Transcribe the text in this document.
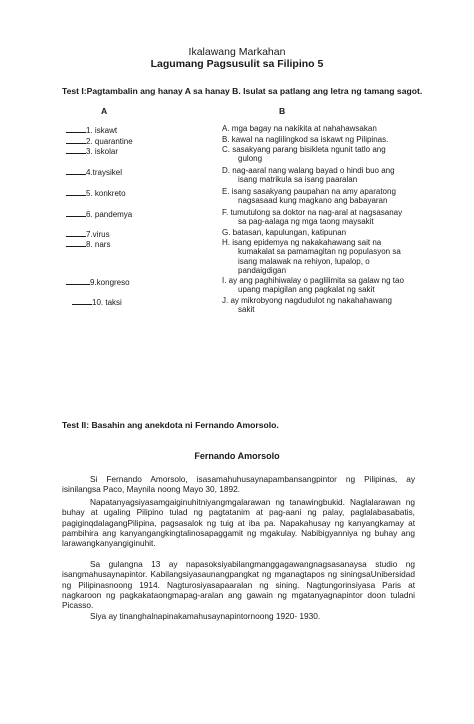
Ikalawang Markahan
Lagumang Pagsusulit sa Filipino 5
Test I:Pagtambalin ang hanay A sa hanay B. Isulat sa patlang ang letra ng tamang sagot.
A	B
1. iskawt	A. mga bagay na nakikita at nahahawsakan
2. quarantine	B. kawal na naglilingkod sa iskawt ng Pilipinas.
3. iskolar	C. sasakyang parang bisikleta ngunit tatlo ang
gulong
4.traysikel	D. nag-aaral nang walang bayad o hindi buo ang
isang matrikula sa isang paaralan
5. konkreto	E. isang sasakyang paupahan na amy aparatong
nagsasaad kung magkano ang babayaran
6. pandemya	F. tumutulong sa doktor na nag-aral at nagsasanay
sa pag-aalaga ng mga taong maysakit
7.virus	G. batasan, kapulungan, katipunan
8. nars	H. isang epidemya ng nakakahawang sait na
kumakalat sa pamamagitan ng populasyon sa
isang malawak na rehiyon, lupalop, o
pandaigdigan
9.kongreso	I. ay ang paghihiwalay o paglilimita sa galaw ng tao
upang mapigilan ang pagkalat ng sakit
10. taksi	J. ay mikrobyong nagdudulot ng nakahahawang
sakit
Test II: Basahin ang anekdota ni Fernando Amorsolo.
Fernando Amorsolo
Si Fernando Amorsolo, isasamahuhusaynapambansangpintor ng Pilipinas, ay isinilangsa Paco, Maynila noong Mayo 30, 1892.
Napatanyagsiyasamgaiginuhitniyangmgalarawan ng tanawingbukid. Naglalarawan ng buhay at ugaling Pilipino tulad ng pagtatanim at pag-aani ng palay, paglalabasabatis, pagiginqdalagangPilipina, pagsasalok ng tuig at iba pa. Napakahusay ng kanyangkamay at pambihira ang kanyangangkingtalinosapaggamit ng mgakulay. Nabibigyanniya ng buhay ang larawangkanyangiginuhit.
Sa gulangna 13 ay napasoksiyabilangmanggagawangnagsasanaysa studio ng isangmahusaynapintor. Kabilangsiyasaunangpangkat ng mganagtapos ng siningsaUnibersidad ng Pilipinasnoong 1914. Nagturosiyasapaaralan ng sining. Nagtungorinsiyasa Paris at nagkaroon ng pagkakataongmapag-aralan ang gawain ng mgatanyagnapintor doon tuladni Picasso.
Siya ay tinanghalnapinakamahusaynapintornoong 1920- 1930.
